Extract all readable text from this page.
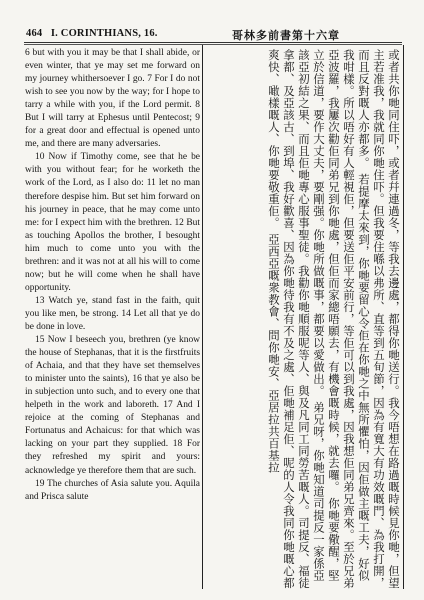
464 I. CORINTHIANS, 16.	哥林多前書第十六章

6 but with you it may be that I shall abide, or even winter, that ye may set me forward on my journey whithersoever I go. 7 For I do not wish to see you now by the way; for I hope to tarry a while with you, if the Lord permit. 8 But I will tarry at Ephesus until Pentecost; 9 for a great door and effectual is opened unto me, and there are many adversaries.

10 Now if Timothy come, see that he be with you without fear; for he worketh the work of the Lord, as I also do: 11 let no man therefore despise him. But set him forward on his journey in peace, that he may come unto me: for I expect him with the brethren. 12 But as touching Apollos the brother, I besought him much to come unto you with the brethren: and it was not at all his will to come now; but he will come when he shall have opportunity.

13 Watch ye, stand fast in the faith, quit you like men, be strong. 14 Let all that ye do be done in love.

15 Now I beseech you, brethren (ye know the house of Stephanas, that it is the firstfruits of Achaia, and that they have set themselves to minister unto the saints), 16 that ye also be in subjection unto such, and to every one that helpeth in the work and laboreth. 17 And I rejoice at the coming of Stephanas and Fortunatus and Achaicus: for that which was lacking on your part they supplied. 18 For they refreshed my spirit and yours: acknowledge ye therefore them that are such.

19 The churches of Asia salute you. Aquila and Prisca salute	或者共你哋同住吓，或者幷連過冬，等我去邊處，都得你哋送行。我今唔想在路過嘅時候見你哋，但望主若准我，我就同你哋住吓。但我要住喺以弗所、直等到五旬節，因為有寬大有功效嘅門、為我打開，而且反對嘅人亦都多。 若提摩太來到，你哋要留心令佢在你哋之中無所懼怕，因佢做主嘅工夫，好似我咁樣。所以唔好有人輕視佢，但要送佢平安前行，等佢可以到我處，因我想佢同弟兄齊來。至於兄弟亞波羅，我屢次勸佢同弟兄到你哋處，但佢而家總唔願去，有機會嘅時候，就去囉。 你哋要儆醒，堅立於信道，要作大丈夫，要剛强。你哋所做嘅事，都要以愛做出。 弟兄呀，你哋知道司提反一家係亞該亞初結之果、而且佢哋專心服事聖徒。我勸你哋順服呢等人、與及凡同工同勞苦嘅人。司提反、福徒拿都、及亞該古、到埠、我好歡喜、因為你哋待我有不及之處、佢哋補足佢、呢的人令我同你哋嘅心都爽快、噉樣嘅人、你哋要敬重佢。 亞西亞嘅衆教會、問你哋安、亞居拉共百基拉
